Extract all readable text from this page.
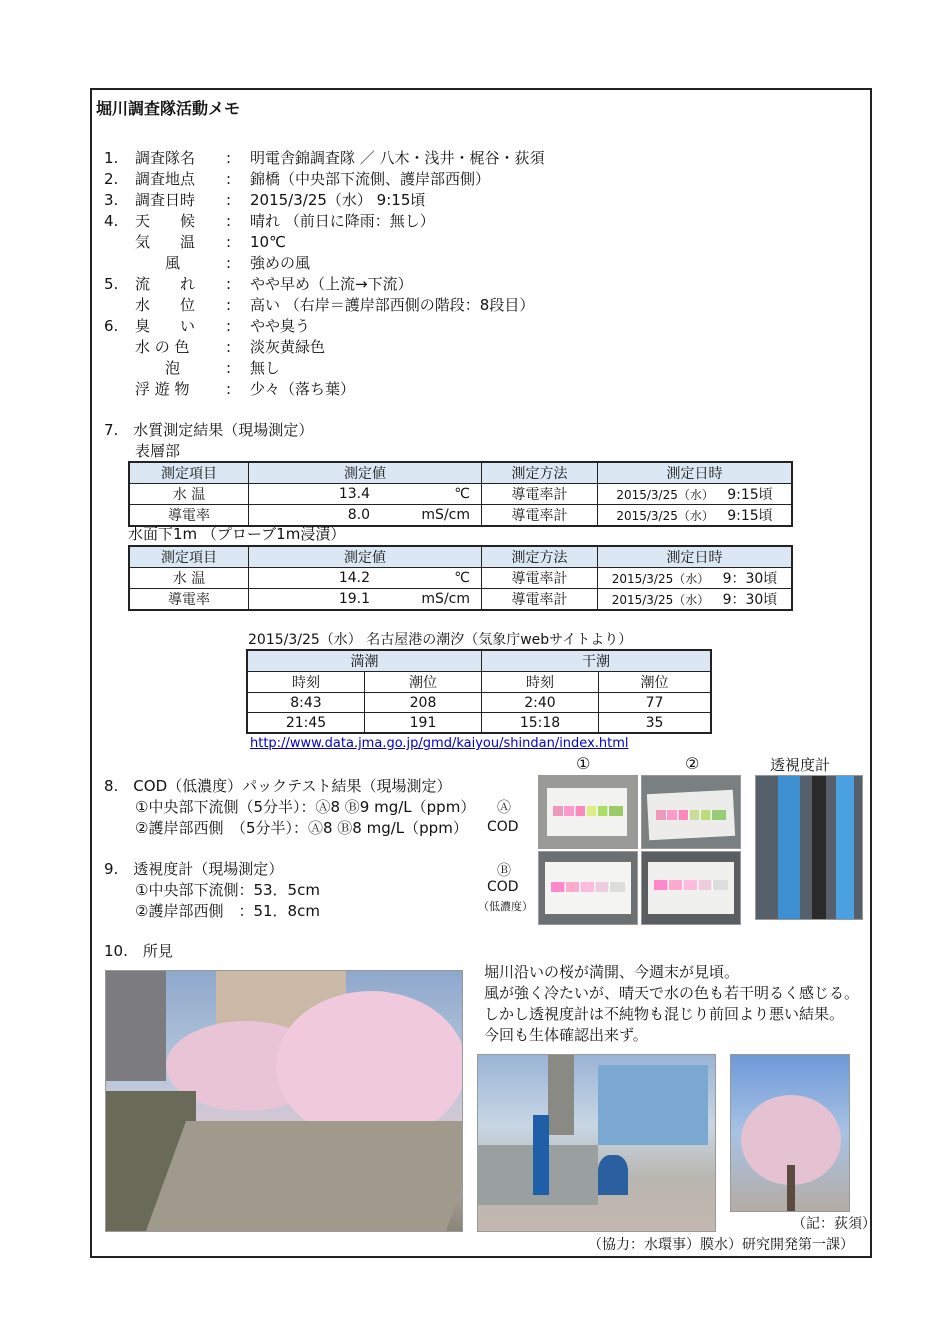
堀川調査隊活動メモ
1. 調査隊名 : 明電舎錦調査隊 ／ 八木・浅井・梶谷・荻須
2. 調査地点 : 錦橋（中央部下流側、護岸部西側）
3. 調査日時 : 2015/3/25（水） 9:15頃
4. 天　　候 : 晴れ （前日に降雨：無し）
気　　温 : 10℃
　　風	: 強めの風
5. 流　　れ : やや早め（上流→下流）
水　　位 : 高い （右岸＝護岸部西側の階段：8段目）
6. 臭　　い : やや臭う
水 の 色 : 淡灰黄緑色
　　泡	: 無し
浮 遊 物 : 少々（落ち葉）
7.　水質測定結果（現場測定）
表層部
測定項目	測定値	測定方法	測定日時
水 温	13.4 ℃	導電率計	2015/3/25（水） 9:15頃
導電率	8.0 mS/cm	導電率計	2015/3/25（水） 9:15頃
水面下1m （プローブ1m浸漬）
測定項目	測定値	測定方法	測定日時
水 温	14.2 ℃	導電率計	2015/3/25（水） 9：30頃
導電率	19.1 mS/cm	導電率計	2015/3/25（水） 9：30頃
2015/3/25（水） 名古屋港の潮汐（気象庁webサイトより）
満潮		干潮	
時刻	潮位	時刻	潮位
8:43	208	2:40	77
21:45	191	15:18	35
http://www.data.jma.go.jp/gmd/kaiyou/shindan/index.html
8.　COD（低濃度）パックテスト結果（現場測定）
①中央部下流側（5分半）：Ⓐ8 Ⓑ9 mg/L（ppm）
②護岸部西側　（5分半）：Ⓐ8 Ⓑ8 mg/L（ppm）
Ⓐ
COD
Ⓑ
COD
（低濃度）
9.　透視度計（現場測定）
①中央部下流側：53．5cm
②護岸部西側　：51．8cm
①	②	透視度計
10.　所見
堀川沿いの桜が満開、今週末が見頃。
風が強く冷たいが、晴天で水の色も若干明るく感じる。
しかし透視度計は不純物も混じり前回より悪い結果。
今回も生体確認出来ず。
（記：荻須）
（協力：水環事）膜水）研究開発第一課）
